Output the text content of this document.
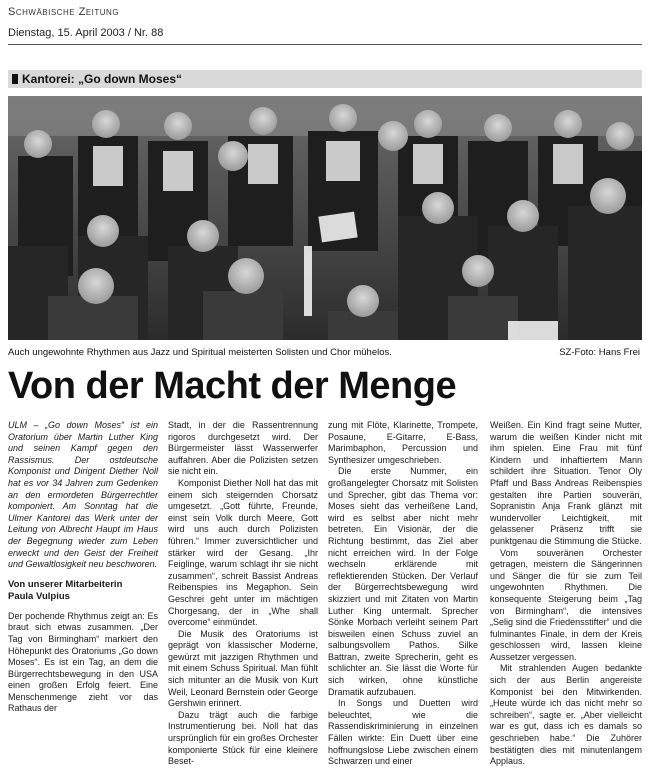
Schwäbische Zeitung
Dienstag, 15. April 2003 / Nr. 88
Kantorei: „Go down Moses“
Auch ungewohnte Rhythmen aus Jazz und Spiritual meisterten Solisten und Chor mühelos.	SZ-Foto: Hans Frei
Von der Macht der Menge

ULM – „Go down Moses“ ist ein Oratorium über Martin Luther King und seinen Kampf gegen den Rassismus. Der ostdeutsche Komponist und Dirigent Diether Noll hat es vor 34 Jahren zum Gedenken an den ermordeten Bürgerrechtler komponiert. Am Sonntag hat die Ulmer Kantorei das Werk unter der Leitung von Albrecht Haupt im Haus der Begegnung wieder zum Leben erweckt und den Geist der Freiheit und Gewaltlosigkeit neu beschworen.

Von unserer Mitarbeiterin

Paula Vulpius

Der pochende Rhythmus zeigt an: Es braut sich etwas zusammen. „Der Tag von Birmingham“ markiert den Höhepunkt des Oratoriums „Go down Moses“. Es ist ein Tag, an dem die Bürgerrechtsbewegung in den USA einen großen Erfolg feiert. Eine Menschenmenge zieht vor das Rathaus der

Stadt, in der die Rassentrennung rigoros durchgesetzt wird. Der Bürgermeister lässt Wasserwerfer auffahren. Aber die Polizisten setzen sie nicht ein.

Komponist Diether Noll hat das mit einem sich steigernden Chorsatz umgesetzt. „Gott führte, Freunde, einst sein Volk durch Meere, Gott wird uns auch durch Polizisten führen.“ Immer zuversichtlicher und stärker wird der Gesang. „Ihr Feiglinge, warum schlagt ihr sie nicht zusammen“, schreit Bassist Andreas Reibenspies ins Megaphon. Sein Geschrei geht unter im mächtigen Chorgesang, der in „Whe shall overcome“ einmündet.

Die Musik des Oratoriums ist geprägt von klassischer Moderne, gewürzt mit jazzigen Rhythmen und mit einem Schuss Spiritual. Man fühlt sich mitunter an die Musik von Kurt Weil, Leonard Bernstein oder George Gershwin erinnert.

Dazu trägt auch die farbige Instrumentierung bei. Noll hat das ursprünglich für ein großes Orchester komponierte Stück für eine kleinere Beset-

zung mit Flöte, Klarinette, Trompete, Posaune, E-Gitarre, E-Bass, Marimbaphon, Percussion und Synthesizer umgeschrieben.

Die erste Nummer, ein großangelegter Chorsatz mit Solisten und Sprecher, gibt das Thema vor: Moses sieht das verheißene Land, wird es selbst aber nicht mehr betreten. Ein Visionär, der die Richtung bestimmt, das Ziel aber nicht erreichen wird. In der Folge wechseln erklärende mit reflektierenden Stücken. Der Verlauf der Bürgerrechtsbewegung wird skizziert und mit Zitaten von Martin Luther King untermalt. Sprecher Sönke Morbach verleiht seinem Part bisweilen einen Schuss zuviel an salbungsvollem Pathos. Silke Battran, zweite Sprecherin, geht es schlichter an. Sie lässt die Worte für sich wirken, ohne künstliche Dramatik aufzubauen.

In Songs und Duetten wird beleuchtet, wie die Rassendiskriminierung in einzelnen Fällen wirkte: Ein Duett über eine hoffnungslose Liebe zwischen einem Schwarzen und einer

Weißen. Ein Kind fragt seine Mutter, warum die weißen Kinder nicht mit ihm spielen. Eine Frau mit fünf Kindern und inhaftiertem Mann schildert ihre Situation. Tenor Oly Pfaff und Bass Andreas Reibenspies gestalten ihre Partien souverän, Sopranistin Anja Frank glänzt mit wundervoller Leichtigkeit, mit gelassener Präsenz trifft sie punktgenau die Stimmung die Stücke.

Vom souveränen Orchester getragen, meistern die Sängerinnen und Sänger die für sie zum Teil ungewohnten Rhythmen. Die konsequente Steigerung beim „Tag von Birmingham“, die intensives „Selig sind die Friedensstifter“ und die fulminantes Finale, in dem der Kreis geschlossen wird, lassen kleine Aussetzer vergessen.

Mit strahlenden Augen bedankte sich der aus Berlin angereiste Komponist bei den Mitwirkenden. „Heute würde ich das nicht mehr so schreiben“, sagte er. „Aber vielleicht war es gut, dass ich es damals so geschrieben habe.“ Die Zuhörer bestätigten dies mit minutenlangem Applaus.
